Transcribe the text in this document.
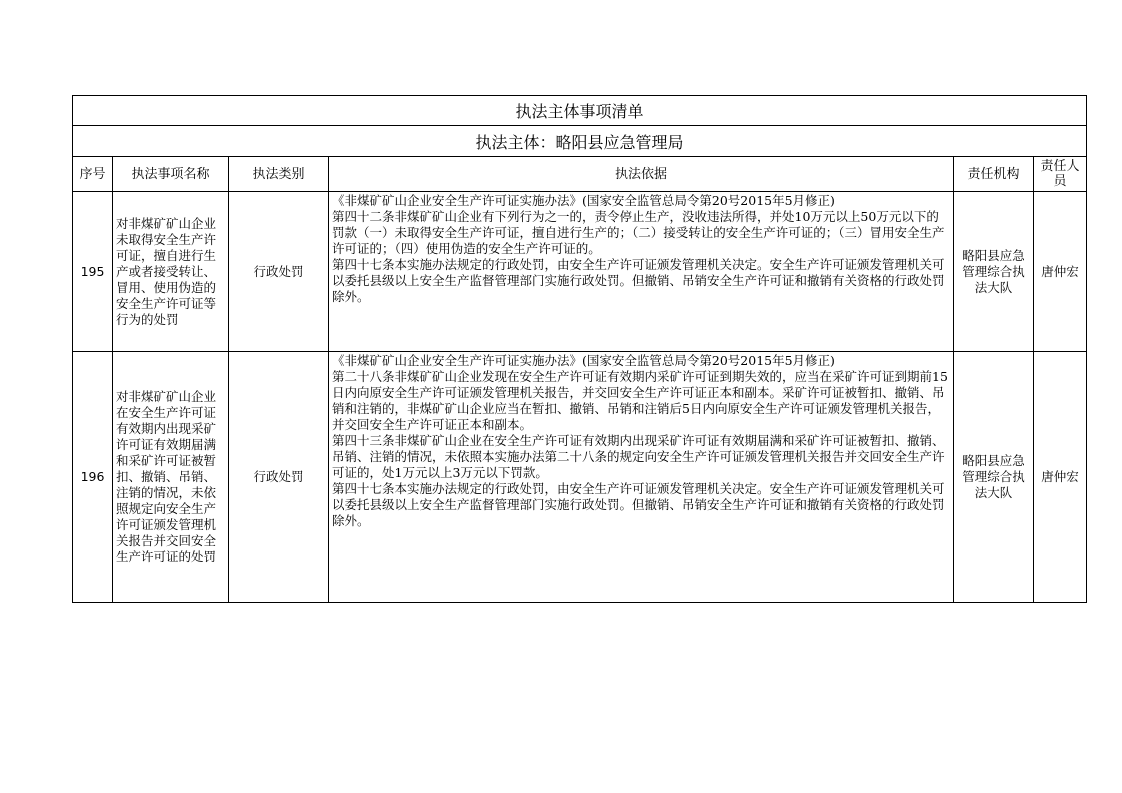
执法主体事项清单					
执法主体：略阳县应急管理局					
序号	执法事项名称	执法类别	执法依据	责任机构	责任人员
195	对非煤矿矿山企业未取得安全生产许可证，擅自进行生产或者接受转让、冒用、使用伪造的安全生产许可证等行为的处罚	行政处罚	《非煤矿矿山企业安全生产许可证实施办法》(国家安全监管总局令第20号2015年5月修正)

第四十二条非煤矿矿山企业有下列行为之一的，责令停止生产，没收违法所得，并处10万元以上50万元以下的罚款（一）未取得安全生产许可证，擅自进行生产的；（二）接受转让的安全生产许可证的；（三）冒用安全生产许可证的；（四）使用伪造的安全生产许可证的。

第四十七条本实施办法规定的行政处罚，由安全生产许可证颁发管理机关决定。安全生产许可证颁发管理机关可以委托县级以上安全生产监督管理部门实施行政处罚。但撤销、吊销安全生产许可证和撤销有关资格的行政处罚除外。	略阳县应急管理综合执法大队	唐仲宏
196	对非煤矿矿山企业在安全生产许可证有效期内出现采矿许可证有效期届满和采矿许可证被暂扣、撤销、吊销、注销的情况，未依照规定向安全生产许可证颁发管理机关报告并交回安全生产许可证的处罚	行政处罚	《非煤矿矿山企业安全生产许可证实施办法》(国家安全监管总局令第20号2015年5月修正)

第二十八条非煤矿矿山企业发现在安全生产许可证有效期内采矿许可证到期失效的，应当在采矿许可证到期前15日内向原安全生产许可证颁发管理机关报告，并交回安全生产许可证正本和副本。采矿许可证被暂扣、撤销、吊销和注销的，非煤矿矿山企业应当在暂扣、撤销、吊销和注销后5日内向原安全生产许可证颁发管理机关报告，并交回安全生产许可证正本和副本。

第四十三条非煤矿矿山企业在安全生产许可证有效期内出现采矿许可证有效期届满和采矿许可证被暂扣、撤销、吊销、注销的情况，未依照本实施办法第二十八条的规定向安全生产许可证颁发管理机关报告并交回安全生产许可证的，处1万元以上3万元以下罚款。

第四十七条本实施办法规定的行政处罚，由安全生产许可证颁发管理机关决定。安全生产许可证颁发管理机关可以委托县级以上安全生产监督管理部门实施行政处罚。但撤销、吊销安全生产许可证和撤销有关资格的行政处罚除外。	略阳县应急管理综合执法大队	唐仲宏
